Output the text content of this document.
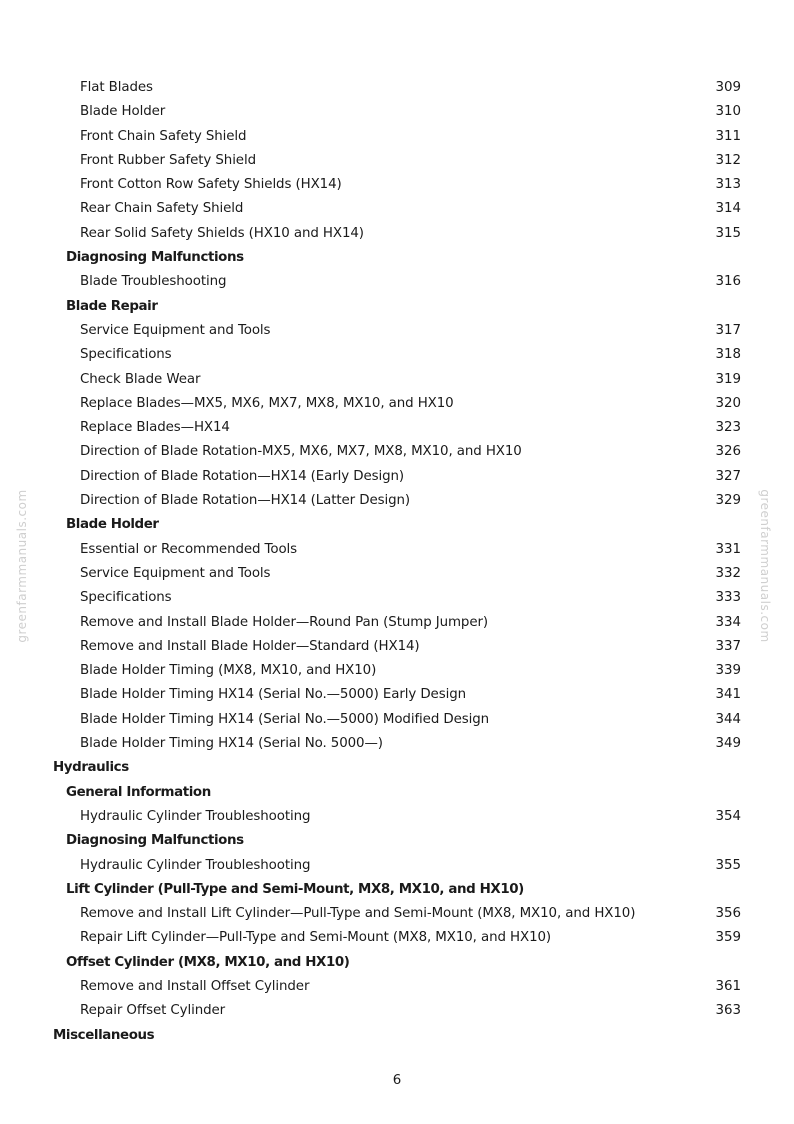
greenfarmmanuals.com	greenfarmmanuals.com
Flat Blades	309
Blade Holder	310
Front Chain Safety Shield	311
Front Rubber Safety Shield	312
Front Cotton Row Safety Shields (HX14)	313
Rear Chain Safety Shield	314
Rear Solid Safety Shields (HX10 and HX14)	315
Diagnosing Malfunctions
Blade Troubleshooting	316
Blade Repair
Service Equipment and Tools	317
Specifications	318
Check Blade Wear	319
Replace Blades—MX5, MX6, MX7, MX8, MX10, and HX10	320
Replace Blades—HX14	323
Direction of Blade Rotation-MX5, MX6, MX7, MX8, MX10, and HX10	326
Direction of Blade Rotation—HX14 (Early Design)	327
Direction of Blade Rotation—HX14 (Latter Design)	329
Blade Holder
Essential or Recommended Tools	331
Service Equipment and Tools	332
Specifications	333
Remove and Install Blade Holder—Round Pan (Stump Jumper)	334
Remove and Install Blade Holder—Standard (HX14)	337
Blade Holder Timing (MX8, MX10, and HX10)	339
Blade Holder Timing HX14 (Serial No.—5000) Early Design	341
Blade Holder Timing HX14 (Serial No.—5000) Modified Design	344
Blade Holder Timing HX14 (Serial No. 5000—)	349
Hydraulics
General Information
Hydraulic Cylinder Troubleshooting	354
Diagnosing Malfunctions
Hydraulic Cylinder Troubleshooting	355
Lift Cylinder (Pull-Type and Semi-Mount, MX8, MX10, and HX10)
Remove and Install Lift Cylinder—Pull-Type and Semi-Mount (MX8, MX10, and HX10)	356
Repair Lift Cylinder—Pull-Type and Semi-Mount (MX8, MX10, and HX10)	359
Offset Cylinder (MX8, MX10, and HX10)
Remove and Install Offset Cylinder	361
Repair Offset Cylinder	363
Miscellaneous
6
